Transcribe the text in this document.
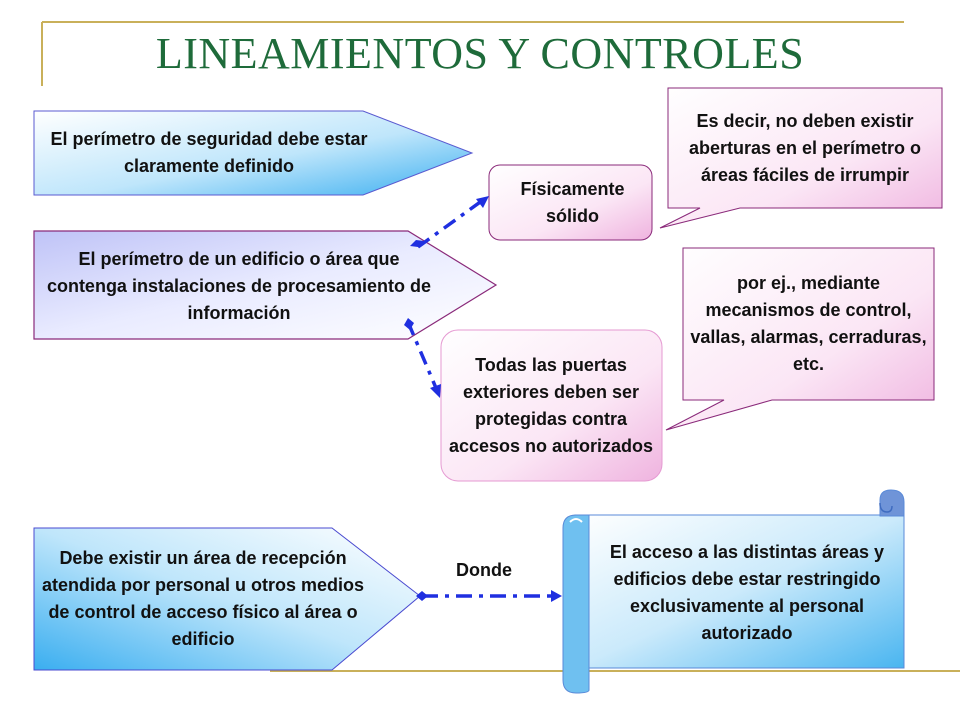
LINEAMIENTOS Y CONTROLES
El perímetro de seguridad debe estar claramente definido
El perímetro de un edificio o área que contenga instalaciones de procesamiento de información
Físicamente sólido
Todas las puertas exteriores deben ser protegidas contra accesos no autorizados
Es decir, no deben existir aberturas en el perímetro o áreas fáciles de irrumpir
por ej., mediante mecanismos de control, vallas, alarmas, cerraduras, etc.
Debe existir un área de recepción atendida por personal u otros medios de control de acceso físico al área o edificio
Donde
El acceso a las distintas áreas y edificios debe estar restringido exclusivamente al personal autorizado
